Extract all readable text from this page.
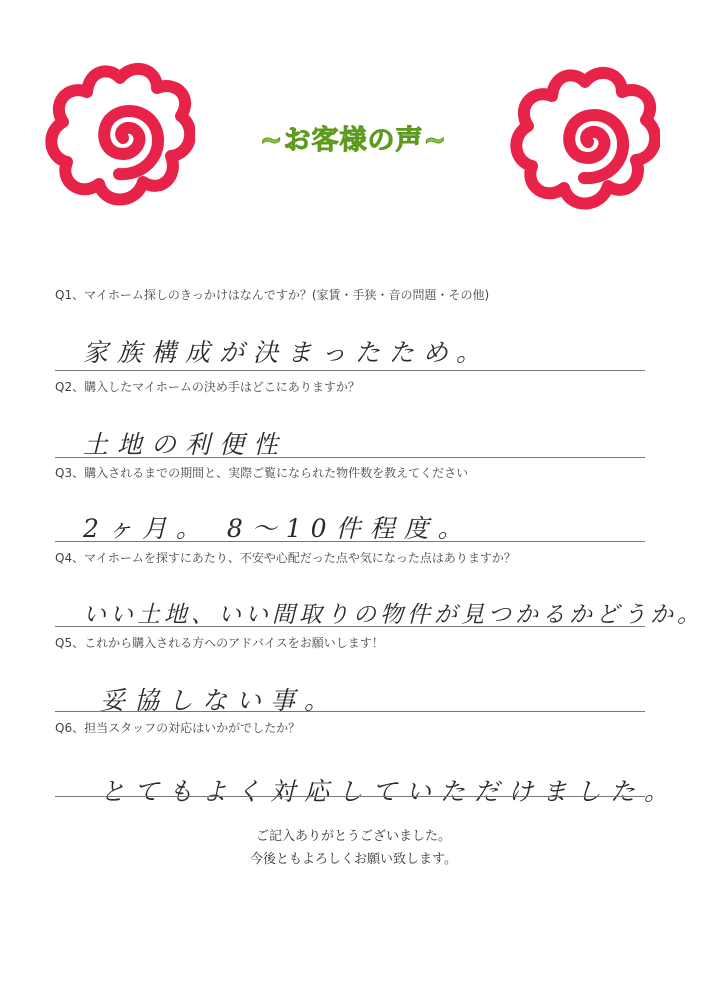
~お客様の声~
Q1、マイホーム探しのきっかけはなんですか？(家賃・手狭・音の問題・その他)
家族構成が決まったため。
Q2、購入したマイホームの決め手はどこにありますか？
土地の利便性
Q3、購入されるまでの期間と、実際ご覧になられた物件数を教えてください
2ヶ月。 8～10件程度。
Q4、マイホームを探すにあたり、不安や心配だった点や気になった点はありますか？
いい土地、いい間取りの物件が見つかるかどうか。
Q5、これから購入される方へのアドバイスをお願いします！
妥協しない事。
Q6、担当スタッフの対応はいかがでしたか？
とてもよく対応していただけました。
ご記入ありがとうございました。
今後ともよろしくお願い致します。
